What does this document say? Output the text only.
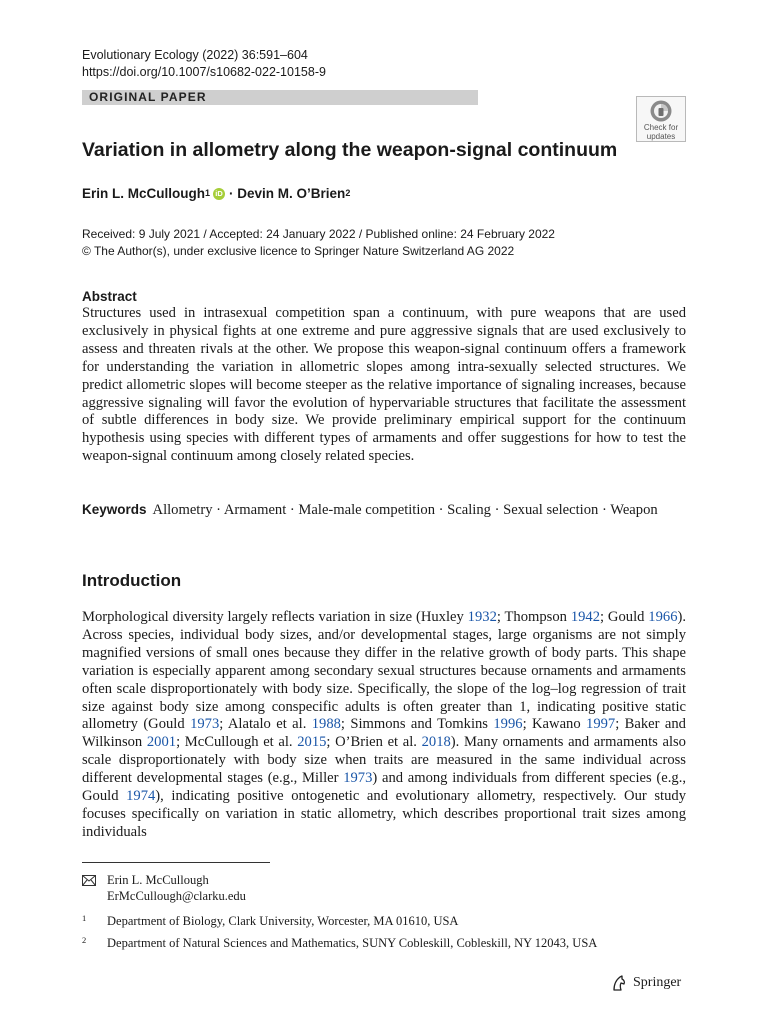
Evolutionary Ecology (2022) 36:591–604
https://doi.org/10.1007/s10682-022-10158-9
ORIGINAL PAPER
Check for
updates
Variation in allometry along the weapon-signal continuum
Erin L. McCullough$^1$ iD ·
Devin M. O’Brien$^2$
Received: 9 July 2021 / Accepted: 24 January 2022 / Published online: 24 February 2022
© The Author(s), under exclusive licence to Springer Nature Switzerland AG 2022
Abstract
Structures used in intrasexual competition span a continuum, with pure weapons that are used exclusively in physical fights at one extreme and pure aggressive signals that are used exclusively to assess and threaten rivals at the other. We propose this weapon-signal continuum offers a framework for understanding the variation in allometric slopes among intra-sexually selected structures. We predict allometric slopes will become steeper as the relative importance of signaling increases, because aggressive signaling will favor the evolution of hypervariable structures that facilitate the assessment of subtle differences in body size. We provide preliminary empirical support for the continuum hypothesis using species with different types of armaments and offer suggestions for how to test the weapon-signal continuum among closely related species.
Keywords Allometry · Armament · Male-male competition · Scaling · Sexual selection · Weapon
Introduction
Morphological diversity largely reflects variation in size (Huxley 1932; Thompson 1942; Gould 1966). Across species, individual body sizes, and/or developmental stages, large organisms are not simply magnified versions of small ones because they differ in the relative growth of body parts. This shape variation is especially apparent among secondary sexual structures because ornaments and armaments often scale disproportionately with body size. Specifically, the slope of the log–log regression of trait size against body size among conspecific adults is often greater than 1, indicating positive static allometry (Gould 1973; Alatalo et al. 1988; Simmons and Tomkins 1996; Kawano 1997; Baker and Wilkinson 2001; McCullough et al. 2015; O’Brien et al. 2018). Many ornaments and armaments also scale disproportionately with body size when traits are measured in the same individual across different developmental stages (e.g., Miller 1973) and among individuals from different species (e.g., Gould 1974), indicating positive ontogenetic and evolutionary allometry, respectively. Our study focuses specifically on variation in static allometry, which describes proportional trait sizes among individuals
Erin L. McCullough
ErMcCullough@clarku.edu
1 Department of Biology, Clark University, Worcester, MA 01610, USA
2 Department of Natural Sciences and Mathematics, SUNY Cobleskill, Cobleskill, NY 12043, USA
Springer
